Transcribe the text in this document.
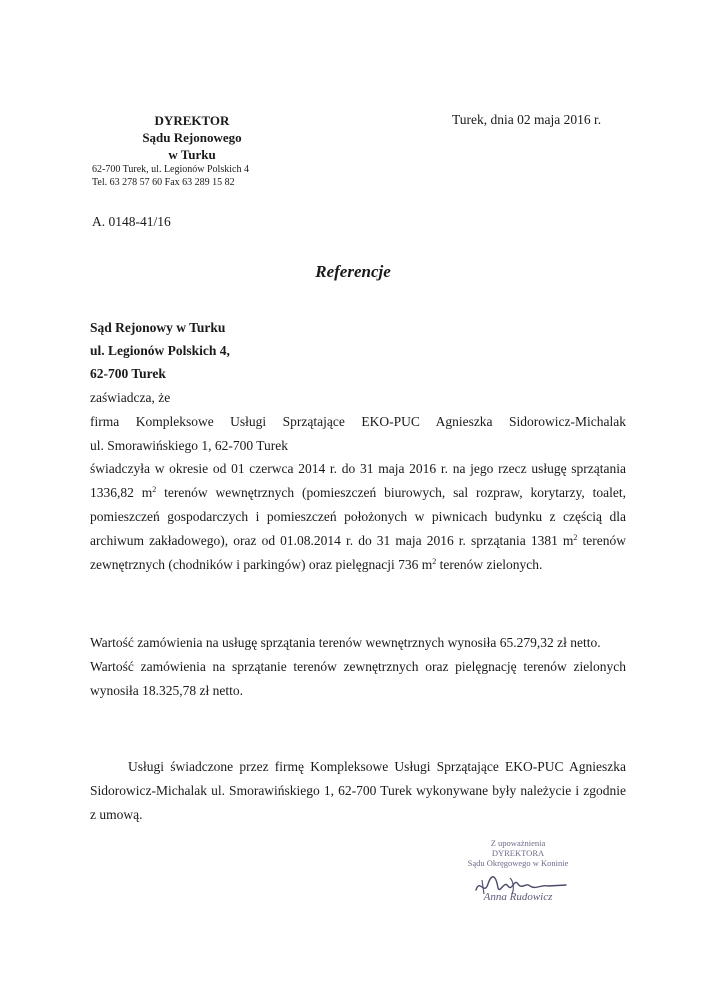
DYREKTOR
Sądu Rejonowego
w Turku
62-700 Turek, ul. Legionów Polskich 4
Tel. 63 278 57 60 Fax 63 289 15 82
Turek, dnia 02 maja 2016 r.
A. 0148-41/16
Referencje
Sąd Rejonowy w Turku
ul. Legionów Polskich 4,
62-700 Turek

zaświadcza, że

firma Kompleksowe Usługi Sprzątające EKO-PUC Agnieszka Sidorowicz-Michalak

ul. Smorawińskiego 1, 62-700 Turek

świadczyła w okresie od 01 czerwca 2014 r. do 31 maja 2016 r. na jego rzecz usługę sprzątania 1336,82 $m^2$ terenów wewnętrznych (pomieszczeń biurowych, sal rozpraw, korytarzy, toalet, pomieszczeń gospodarczych i pomieszczeń położonych w piwnicach budynku z częścią dla archiwum zakładowego), oraz od 01.08.2014 r. do 31 maja 2016 r. sprzątania 1381 $m^2$ terenów zewnętrznych (chodników i parkingów) oraz pielęgnacji 736 $m^2$ terenów zielonych.

Wartość zamówienia na usługę sprzątania terenów wewnętrznych wynosiła 65.279,32 zł netto.

Wartość zamówienia na sprzątanie terenów zewnętrznych oraz pielęgnację terenów zielonych wynosiła 18.325,78 zł netto.

Usługi świadczone przez firmę Kompleksowe Usługi Sprzątające EKO-PUC Agnieszka Sidorowicz-Michalak ul. Smorawińskiego 1, 62-700 Turek wykonywane były należycie i zgodnie z umową.

Z upoważnienia
DYREKTORA
Sądu Okręgowego w Koninie
Anna Rudowicz
